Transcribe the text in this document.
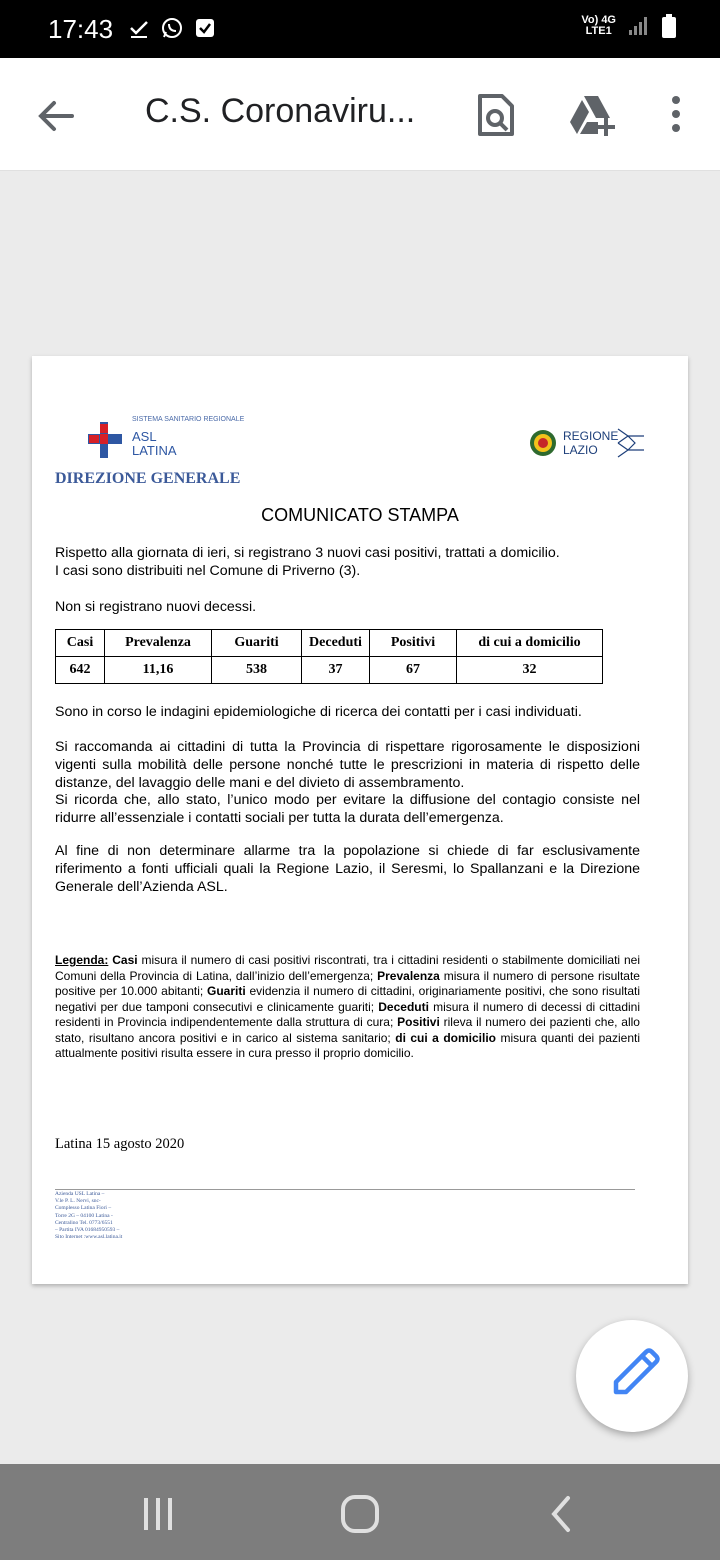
17:43	Vo) 4G
LTE1
C.S. Coronaviru...
SISTEMA SANITARIO REGIONALE
ASL
LATINA
REGIONE
LAZIO
DIREZIONE GENERALE
COMUNICATO STAMPA
Rispetto alla giornata di ieri, si registrano 3 nuovi casi positivi, trattati a domicilio.
I casi sono distribuiti nel Comune di Priverno (3).
Non si registrano nuovi decessi.
Casi	Prevalenza	Guariti	Deceduti	Positivi	di cui a domicilio
642	11,16	538	37	67	32
Sono in corso le indagini epidemiologiche di ricerca dei contatti per i casi individuati.
Si raccomanda ai cittadini di tutta la Provincia di rispettare rigorosamente le disposizioni vigenti sulla mobilità delle persone nonché tutte le prescrizioni in materia di rispetto delle distanze, del lavaggio delle mani e del divieto di assembramento.
Si ricorda che, allo stato, l’unico modo per evitare la diffusione del contagio consiste nel ridurre all’essenziale i contatti sociali per tutta la durata dell’emergenza.
Al fine di non determinare allarme tra la popolazione si chiede di far esclusivamente riferimento a fonti ufficiali quali la Regione Lazio, il Seresmi, lo Spallanzani e la Direzione Generale dell’Azienda ASL.
Legenda: Casi misura il numero di casi positivi riscontrati, tra i cittadini residenti o stabilmente domiciliati nei Comuni della Provincia di Latina, dall’inizio dell’emergenza; Prevalenza misura il numero di persone risultate positive per 10.000 abitanti; Guariti evidenzia il numero di cittadini, originariamente positivi, che sono risultati negativi per due tamponi consecutivi e clinicamente guariti; Deceduti misura il numero di decessi di cittadini residenti in Provincia indipendentemente dalla struttura di cura; Positivi rileva il numero dei pazienti che, allo stato, risultano ancora positivi e in carico al sistema sanitario; di cui a domicilio misura quanti dei pazienti attualmente positivi risulta essere in cura presso il proprio domicilio.
Latina 15 agosto 2020
Azienda USL Latina –
V.le P. L. Nervi, snc-
Complesso Latina Fiori –
Torre 2G – 04100 Latina -
Centralino Tel. 0773/6551
– Partita IVA 01684950593 –
Sito Internet :www.asl.latina.it
